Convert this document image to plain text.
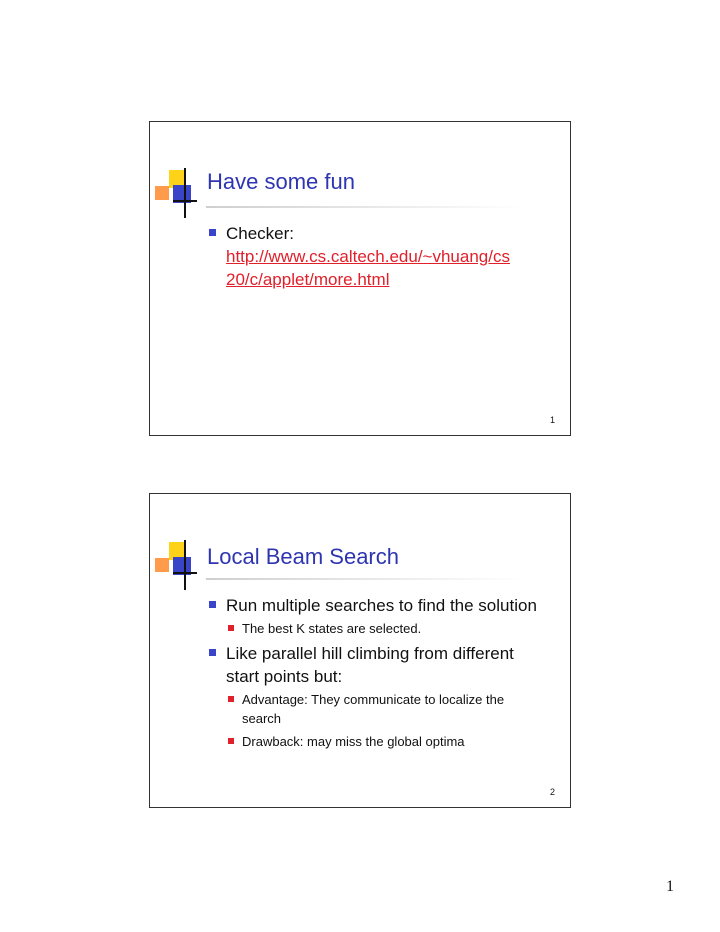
Have some fun
Checker:
http://www.cs.caltech.edu/~vhuang/cs
20/c/applet/more.html
1
Local Beam Search
Run multiple searches to find the solution
The best K states are selected.
Like parallel hill climbing from different start points but:
Advantage: They communicate to localize the search
Drawback: may miss the global optima
2
1
